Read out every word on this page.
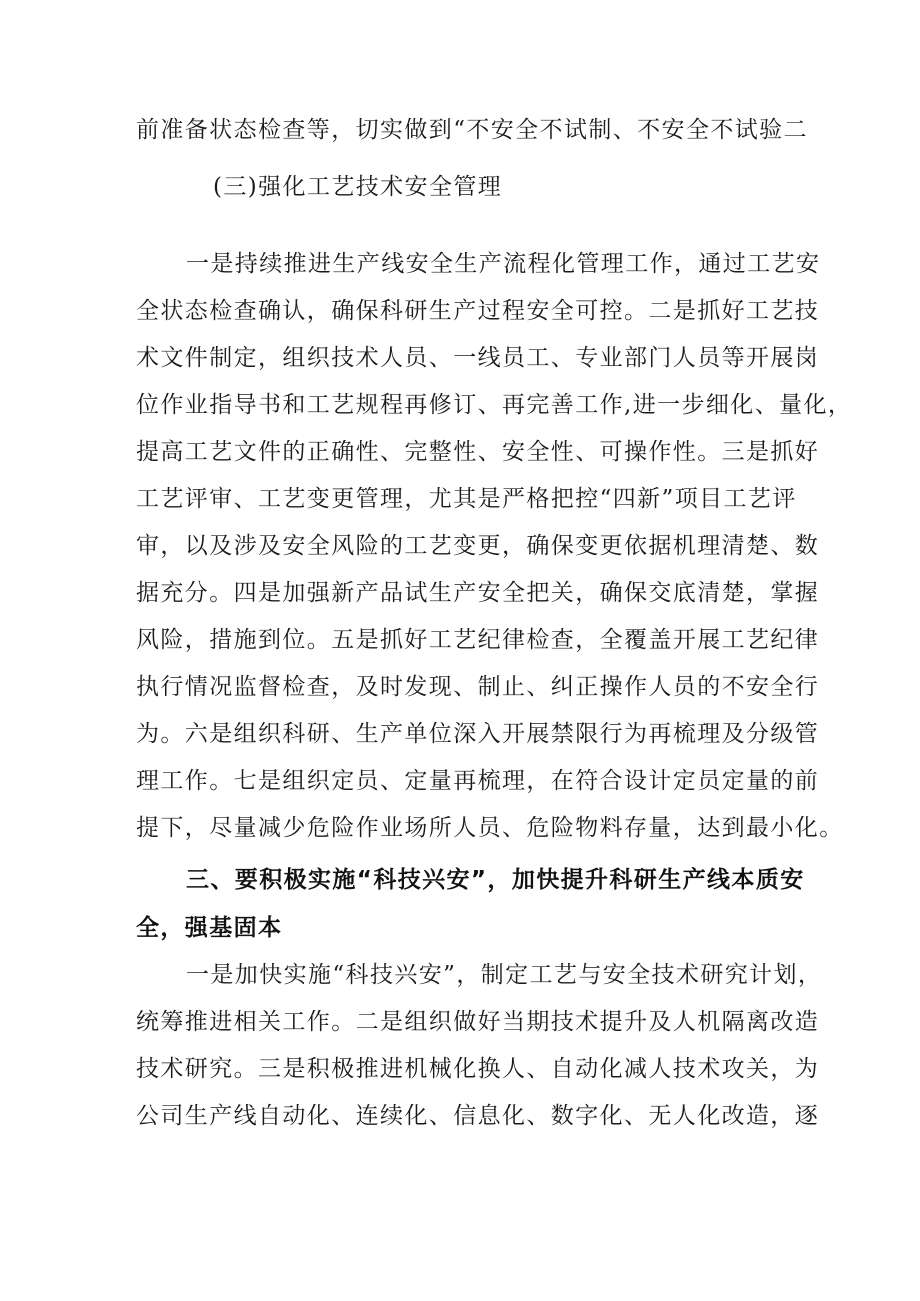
前准备状态检查等，切实做到“不安全不试制、不安全不试验二

(三)强化工艺技术安全管理

一是持续推进生产线安全生产流程化管理工作，通过工艺安

全状态检查确认，确保科研生产过程安全可控。二是抓好工艺技

术文件制定，组织技术人员、一线员工、专业部门人员等开展岗

位作业指导书和工艺规程再修订、再完善工作,进一步细化、量化，

提高工艺文件的正确性、完整性、安全性、可操作性。三是抓好

工艺评审、工艺变更管理，尤其是严格把控“四新”项目工艺评

审，以及涉及安全风险的工艺变更，确保变更依据机理清楚、数

据充分。四是加强新产品试生产安全把关，确保交底清楚，掌握

风险，措施到位。五是抓好工艺纪律检查，全覆盖开展工艺纪律

执行情况监督检查，及时发现、制止、纠正操作人员的不安全行

为。六是组织科研、生产单位深入开展禁限行为再梳理及分级管

理工作。七是组织定员、定量再梳理，在符合设计定员定量的前

提下，尽量减少危险作业场所人员、危险物料存量，达到最小化。

三、要积极实施“科技兴安”，加快提升科研生产线本质安

全，强基固本

一是加快实施“科技兴安”，制定工艺与安全技术研究计划，

统筹推进相关工作。二是组织做好当期技术提升及人机隔离改造

技术研究。三是积极推进机械化换人、自动化减人技术攻关，为

公司生产线自动化、连续化、信息化、数字化、无人化改造，逐
